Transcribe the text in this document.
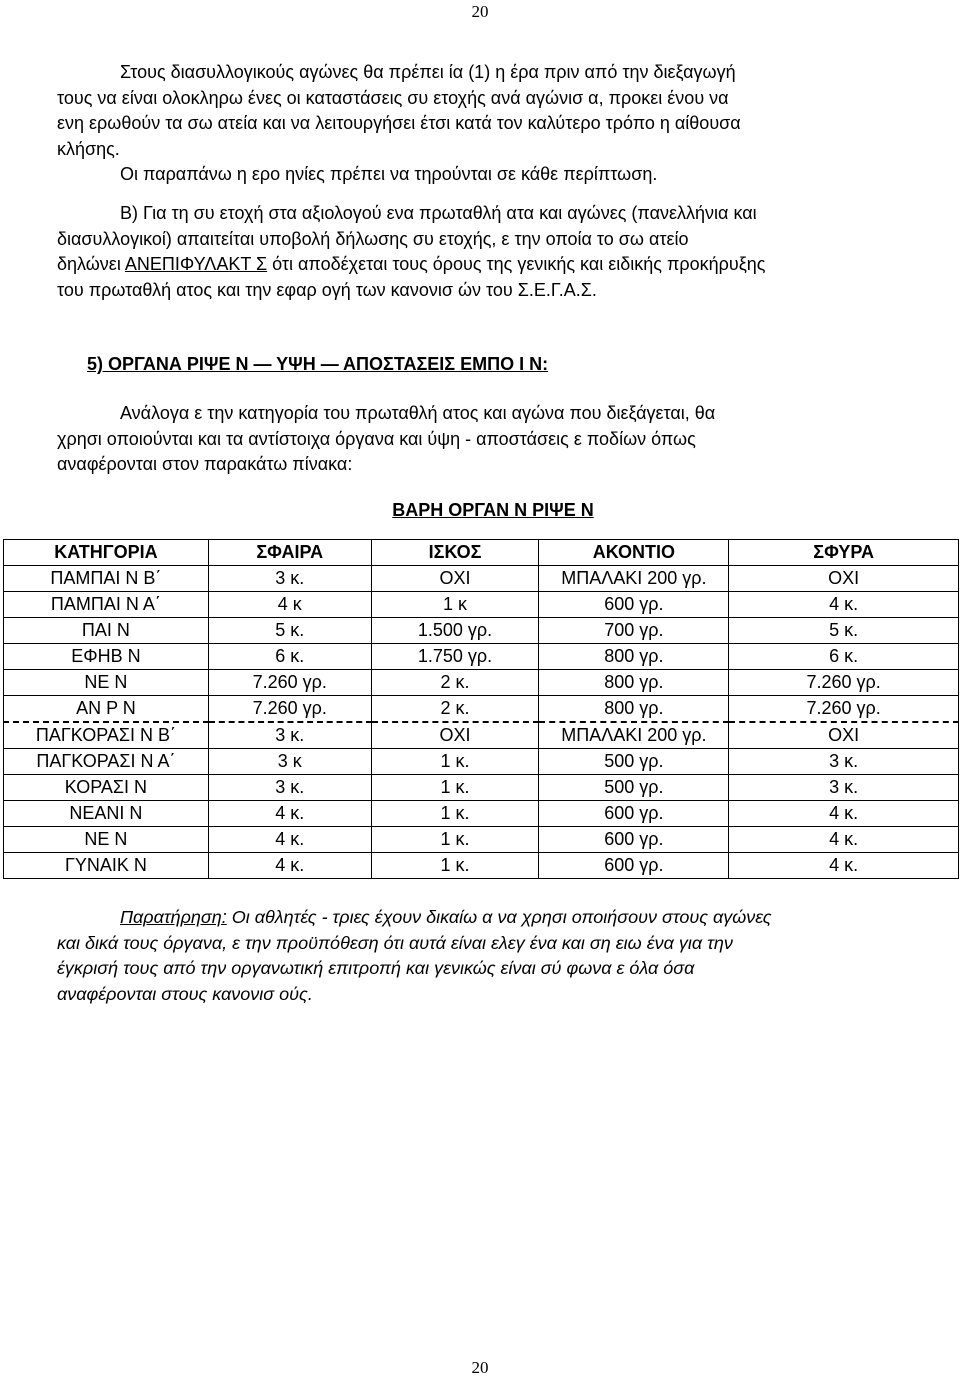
20
Στους διασυλλογικούς αγώνες θα πρέπει ία (1) η έρα πριν από την διεξαγωγή
τους να είναι ολοκληρω ένες οι καταστάσεις συ ετοχής ανά αγώνισ α, προκει ένου να
ενη ερωθούν τα σω ατεία και να λειτουργήσει έτσι κατά τον καλύτερο τρόπο η αίθουσα
κλήσης.
Οι παραπάνω η ερο ηνίες πρέπει να τηρούνται σε κάθε περίπτωση.
Β) Για τη συ ετοχή στα αξιολογού ενα πρωταθλή ατα και αγώνες (πανελλήνια και
διασυλλογικοί) απαιτείται υποβολή δήλωσης συ ετοχής, ε την οποία το σω ατείο
δηλώνει ΑΝΕΠΙΦΥΛΑΚΤ Σ ότι αποδέχεται τους όρους της γενικής και ειδικής προκήρυξης
του πρωταθλή ατος και την εφαρ ογή των κανονισ ών του Σ.Ε.Γ.Α.Σ.
5) ΟΡΓΑΝΑ ΡΙΨΕ Ν — ΥΨΗ — ΑΠΟΣΤΑΣΕΙΣ ΕΜΠΟ Ι Ν:
Ανάλογα ε την κατηγορία του πρωταθλή ατος και αγώνα που διεξάγεται, θα
χρησι οποιούνται και τα αντίστοιχα όργανα και ύψη - αποστάσεις ε ποδίων όπως
αναφέρονται στον παρακάτω πίνακα:
ΒΑΡΗ ΟΡΓΑΝ Ν ΡΙΨΕ Ν
ΚΑΤΗΓΟΡΙΑ	ΣΦΑΙΡΑ	ΙΣΚΟΣ	ΑΚΟΝΤΙΟ	ΣΦΥΡΑ
ΠΑΜΠΑΙ Ν Β΄	3 κ.	ΟΧΙ	ΜΠΑΛΑΚΙ 200 γρ.	ΟΧΙ
ΠΑΜΠΑΙ Ν Α΄	4 κ	1 κ	600 γρ.	4 κ.
ΠΑΙ Ν	5 κ.	1.500 γρ.	700 γρ.	5 κ.
ΕΦΗΒ Ν	6 κ.	1.750 γρ.	800 γρ.	6 κ.
ΝΕ Ν	7.260 γρ.	2 κ.	800 γρ.	7.260 γρ.
ΑΝ Ρ Ν	7.260 γρ.	2 κ.	800 γρ.	7.260 γρ.
ΠΑΓΚΟΡΑΣΙ Ν Β΄	3 κ.	ΟΧΙ	ΜΠΑΛΑΚΙ 200 γρ.	ΟΧΙ
ΠΑΓΚΟΡΑΣΙ Ν Α΄	3 κ	1 κ.	500 γρ.	3 κ.
ΚΟΡΑΣΙ Ν	3 κ.	1 κ.	500 γρ.	3 κ.
ΝΕΑΝΙ Ν	4 κ.	1 κ.	600 γρ.	4 κ.
ΝΕ Ν	4 κ.	1 κ.	600 γρ.	4 κ.
ΓΥΝΑΙΚ Ν	4 κ.	1 κ.	600 γρ.	4 κ.
Παρατήρηση: Οι αθλητές - τριες έχουν δικαίω α να χρησι οποιήσουν στους αγώνες
και δικά τους όργανα, ε την προϋπόθεση ότι αυτά είναι ελεγ ένα και ση ειω ένα για την
έγκρισή τους από την οργανωτική επιτροπή και γενικώς είναι σύ φωνα ε όλα όσα
αναφέρονται στους κανονισ ούς.
20
